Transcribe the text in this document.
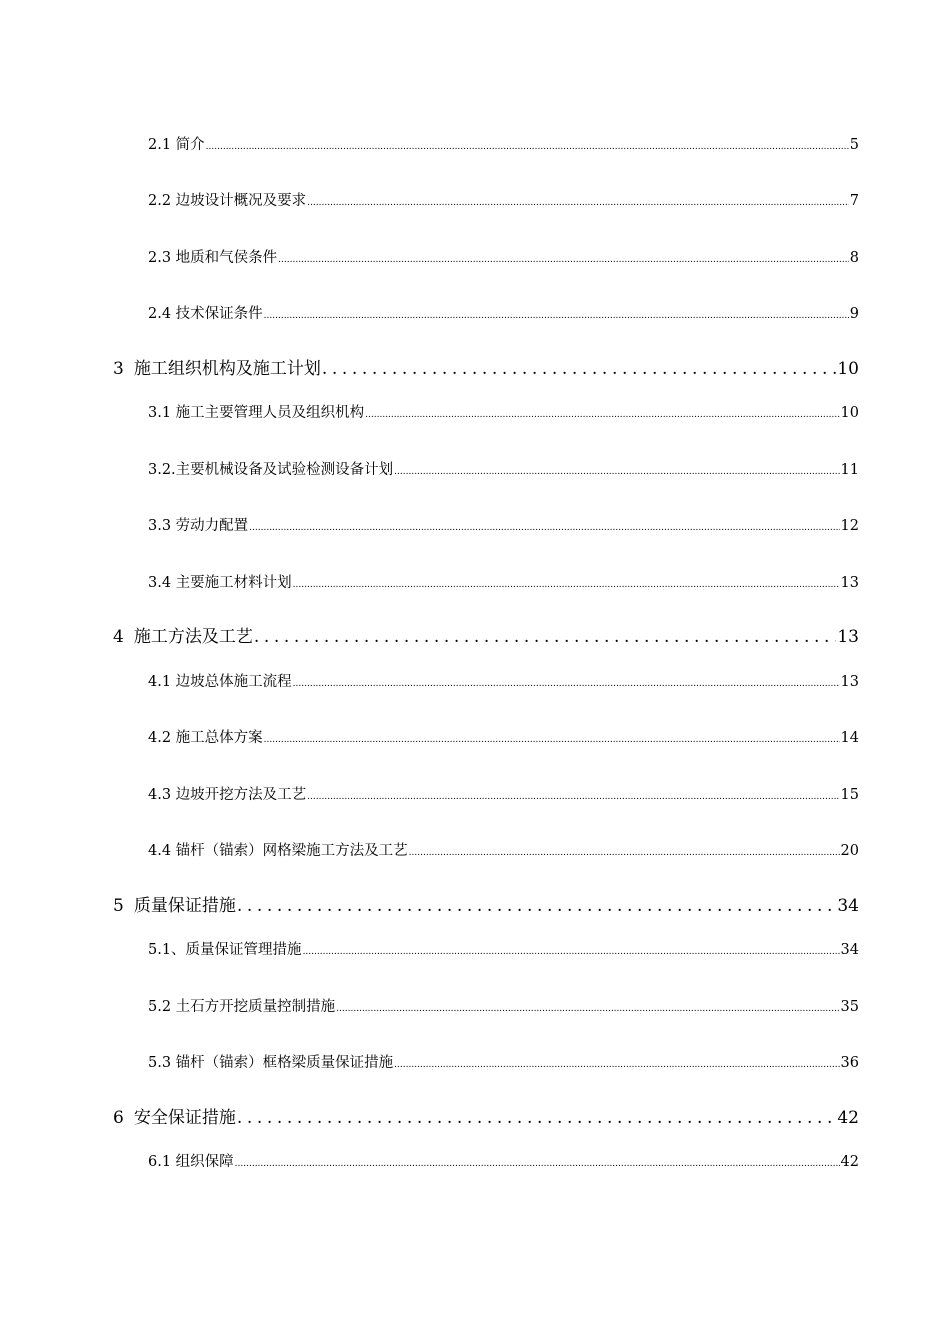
2.1 简介 .....	5
2.2 边坡设计概况及要求 .....	7
2.3 地质和气侯条件 .....	8
2.4 技术保证条件 .....	9
3 施工组织机构及施工计划 .....	10
3.1 施工主要管理人员及组织机构 .....	10
3.2.主要机械设备及试验检测设备计划 .....	11
3.3 劳动力配置 .....	12
3.4 主要施工材料计划 .....	13
4 施工方法及工艺 .....	13
4.1 边坡总体施工流程 .....	13
4.2 施工总体方案 .....	14
4.3 边坡开挖方法及工艺 .....	15
4.4 锚杆（锚索）网格梁施工方法及工艺 .....	20
5 质量保证措施 .....	34
5.1、质量保证管理措施 .....	34
5.2 土石方开挖质量控制措施 .....	35
5.3 锚杆（锚索）框格梁质量保证措施 .....	36
6 安全保证措施 .....	42
6.1 组织保障 .....	42
